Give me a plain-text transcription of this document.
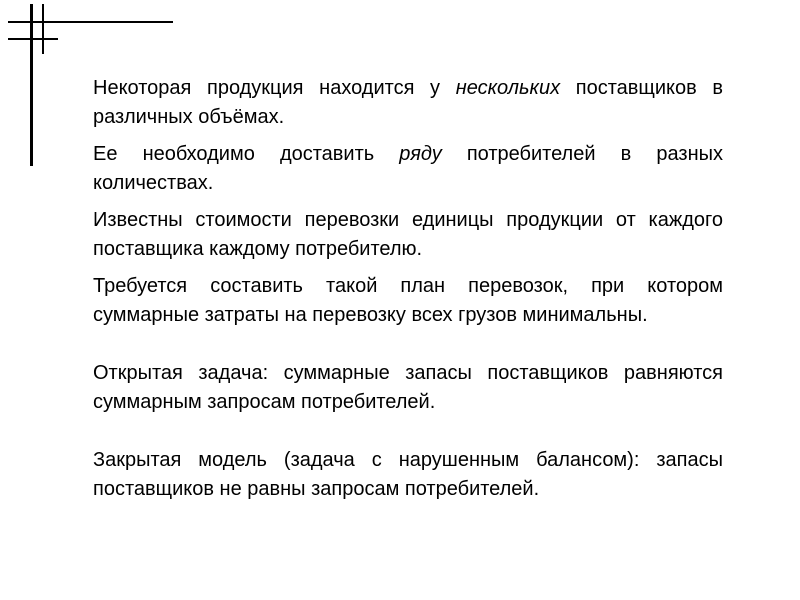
Некоторая продукция находится у нескольких поставщиков в различных объёмах.

Ее необходимо доставить ряду потребителей в разных количествах.

Известны стоимости перевозки единицы продукции от каждого поставщика каждому потребителю.

Требуется составить такой план перевозок, при котором суммарные затраты на перевозку всех грузов минимальны.

Открытая задача: суммарные запасы поставщиков равняются суммарным запросам потребителей.

Закрытая модель (задача с нарушенным балансом): запасы поставщиков не равны запросам потребителей.
